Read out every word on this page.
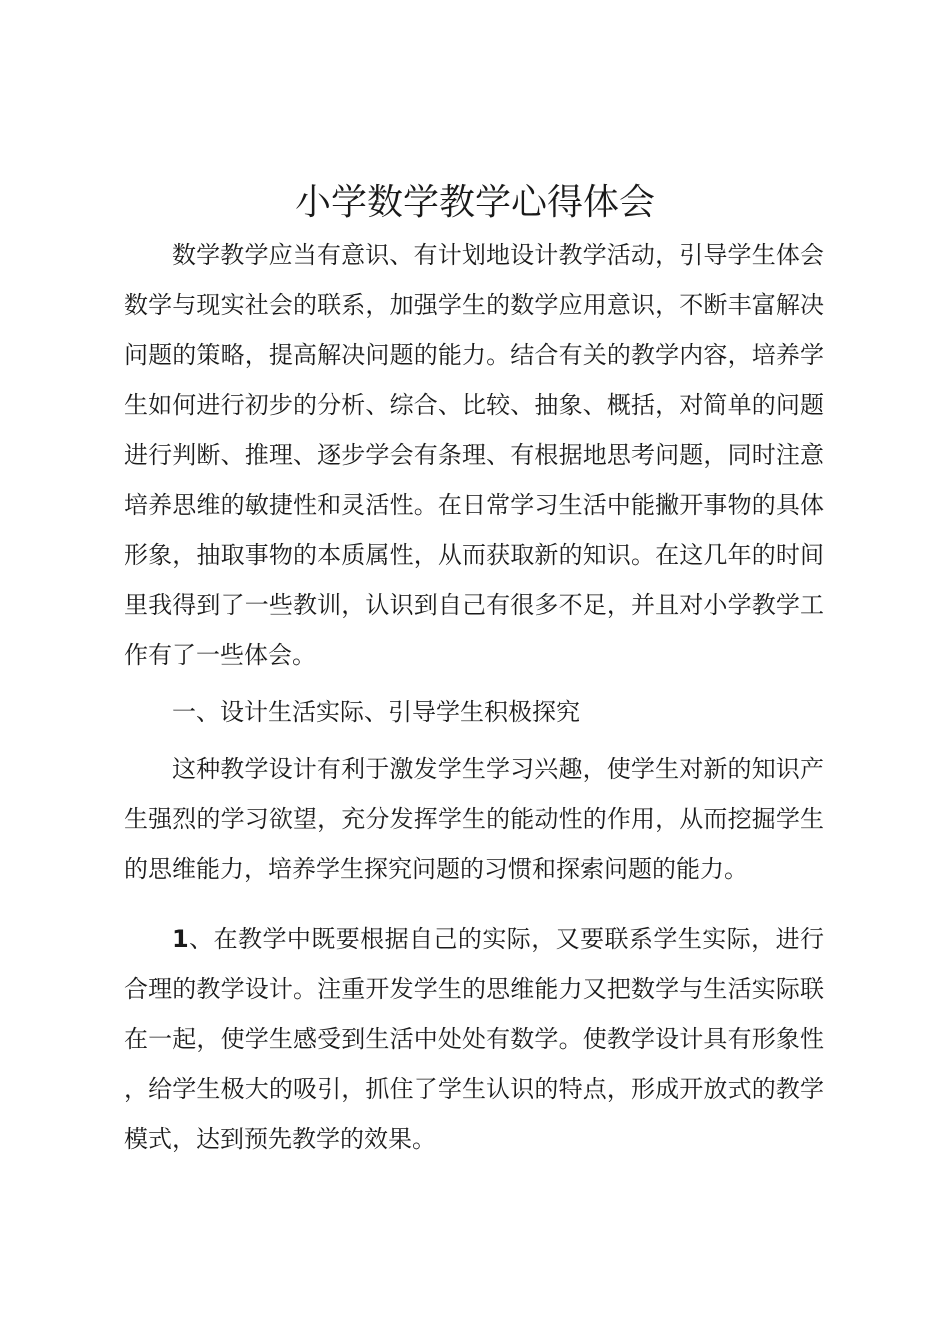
小学数学教学心得体会

数学教学应当有意识、有计划地设计教学活动，引导学生体会数学与现实社会的联系，加强学生的数学应用意识，不断丰富解决问题的策略，提高解决问题的能力。结合有关的教学内容，培养学生如何进行初步的分析、综合、比较、抽象、概括，对简单的问题进行判断、推理、逐步学会有条理、有根据地思考问题，同时注意培养思维的敏捷性和灵活性。在日常学习生活中能撇开事物的具体形象，抽取事物的本质属性，从而获取新的知识。在这几年的时间里我得到了一些教训，认识到自己有很多不足，并且对小学教学工作有了一些体会。

一、设计生活实际、引导学生积极探究

这种教学设计有利于激发学生学习兴趣，使学生对新的知识产生强烈的学习欲望，充分发挥学生的能动性的作用，从而挖掘学生的思维能力，培养学生探究问题的习惯和探索问题的能力。

1、在教学中既要根据自己的实际，又要联系学生实际，进行合理的教学设计。注重开发学生的思维能力又把数学与生活实际联在一起，使学生感受到生活中处处有数学。使教学设计具有形象性，给学生极大的吸引，抓住了学生认识的特点，形成开放式的教学模式，达到预先教学的效果。
